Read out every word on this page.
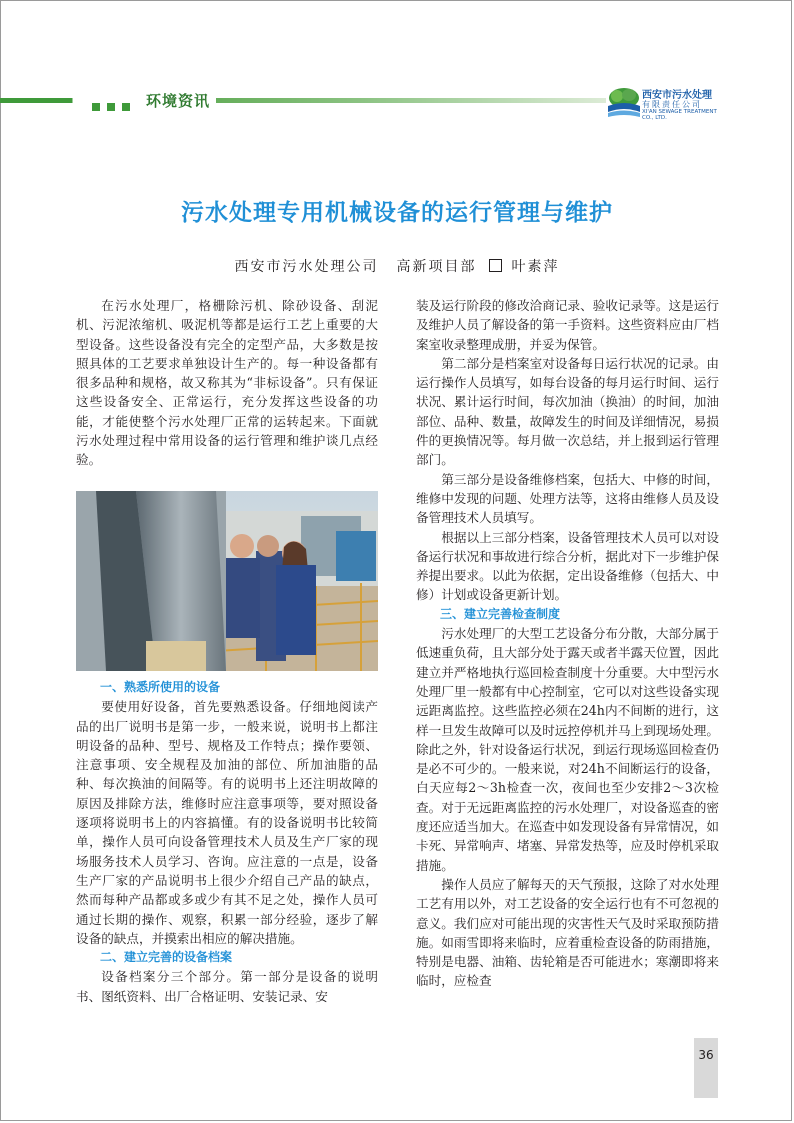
环境资讯	西安市污水处理
有限责任公司
XI'AN SEWAGE TREATMENT CO., LTD.
污水处理专用机械设备的运行管理与维护
西安市污水处理公司 高新项目部	叶素萍

在污水处理厂，格栅除污机、除砂设备、刮泥机、污泥浓缩机、吸泥机等都是运行工艺上重要的大型设备。这些设备没有完全的定型产品，大多数是按照具体的工艺要求单独设计生产的。每一种设备都有很多品种和规格，故又称其为“非标设备”。只有保证这些设备安全、正常运行，充分发挥这些设备的功能，才能使整个污水处理厂正常的运转起来。下面就污水处理过程中常用设备的运行管理和维护谈几点经验。

一、熟悉所使用的设备

要使用好设备，首先要熟悉设备。仔细地阅读产品的出厂说明书是第一步，一般来说，说明书上都注明设备的品种、型号、规格及工作特点；操作要领、注意事项、安全规程及加油的部位、所加油脂的品种、每次换油的间隔等。有的说明书上还注明故障的原因及排除方法，维修时应注意事项等，要对照设备逐项将说明书上的内容搞懂。有的设备说明书比较简单，操作人员可向设备管理技术人员及生产厂家的现场服务技术人员学习、咨询。应注意的一点是，设备生产厂家的产品说明书上很少介绍自己产品的缺点，然而每种产品都或多或少有其不足之处，操作人员可通过长期的操作、观察，积累一部分经验，逐步了解设备的缺点，并摸索出相应的解决措施。

二、建立完善的设备档案

设备档案分三个部分。第一部分是设备的说明书、图纸资料、出厂合格证明、安装记录、安

装及运行阶段的修改洽商记录、验收记录等。这是运行及维护人员了解设备的第一手资料。这些资料应由厂档案室收录整理成册，并妥为保管。

第二部分是档案室对设备每日运行状况的记录。由运行操作人员填写，如每台设备的每月运行时间、运行状况、累计运行时间，每次加油（换油）的时间，加油部位、品种、数量，故障发生的时间及详细情况，易损件的更换情况等。每月做一次总结，并上报到运行管理部门。

第三部分是设备维修档案，包括大、中修的时间，维修中发现的问题、处理方法等，这将由维修人员及设备管理技术人员填写。

根据以上三部分档案，设备管理技术人员可以对设备运行状况和事故进行综合分析，据此对下一步维护保养提出要求。以此为依据，定出设备维修（包括大、中修）计划或设备更新计划。

三、建立完善检查制度

污水处理厂的大型工艺设备分布分散，大部分属于低速重负荷，且大部分处于露天或者半露天位置，因此建立并严格地执行巡回检查制度十分重要。大中型污水处理厂里一般都有中心控制室，它可以对这些设备实现远距离监控。这些监控必须在24h内不间断的进行，这样一旦发生故障可以及时远控停机并马上到现场处理。除此之外，针对设备运行状况，到运行现场巡回检查仍是必不可少的。一般来说，对24h不间断运行的设备，白天应每2～3h检查一次，夜间也至少安排2～3次检查。对于无远距离监控的污水处理厂，对设备巡查的密度还应适当加大。在巡查中如发现设备有异常情况，如卡死、异常响声、堵塞、异常发热等，应及时停机采取措施。

操作人员应了解每天的天气预报，这除了对水处理工艺有用以外，对工艺设备的安全运行也有不可忽视的意义。我们应对可能出现的灾害性天气及时采取预防措施。如雨雪即将来临时，应着重检查设备的防雨措施，特别是电器、油箱、齿轮箱是否可能进水；寒潮即将来临时，应检查

36
